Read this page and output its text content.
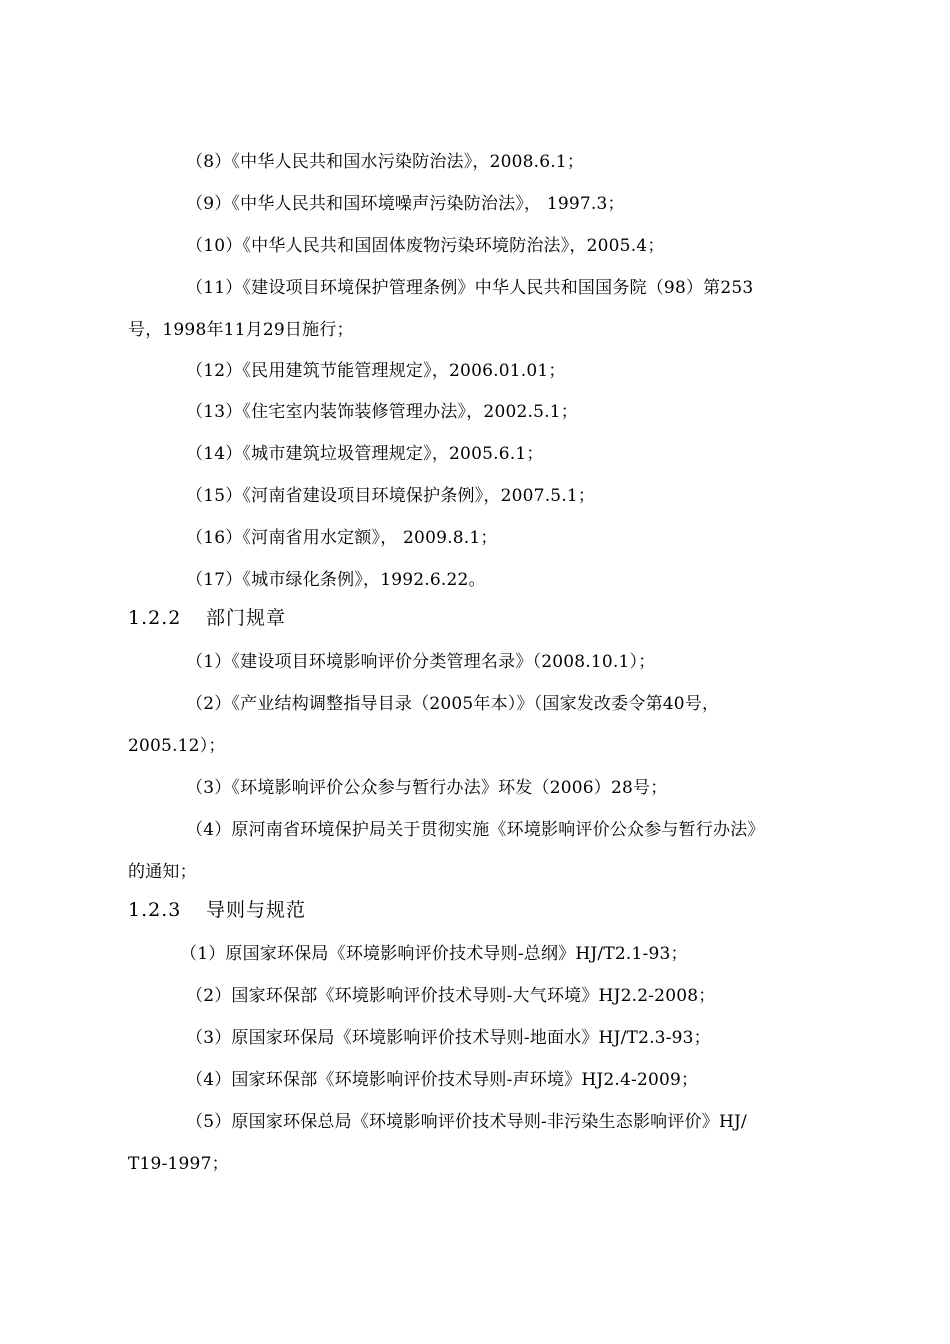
（8）《中华人民共和国水污染防治法》，2008.6.1；
（9）《中华人民共和国环境噪声污染防治法》， 1997.3；
（10）《中华人民共和国固体废物污染环境防治法》，2005.4；
（11）《建设项目环境保护管理条例》中华人民共和国国务院（98）第253
号，1998年11月29日施行；
（12）《民用建筑节能管理规定》，2006.01.01；
（13）《住宅室内装饰装修管理办法》，2002.5.1；
（14）《城市建筑垃圾管理规定》，2005.6.1；
（15）《河南省建设项目环境保护条例》，2007.5.1；
（16）《河南省用水定额》， 2009.8.1；
（17）《城市绿化条例》，1992.6.22。
1.2.2 部门规章
（1）《建设项目环境影响评价分类管理名录》（2008.10.1）；
（2）《产业结构调整指导目录（2005年本）》（国家发改委令第40号，
2005.12）；
（3）《环境影响评价公众参与暂行办法》环发（2006）28号；
（4）原河南省环境保护局关于贯彻实施《环境影响评价公众参与暂行办法》
的通知；
1.2.3 导则与规范
（1）原国家环保局《环境影响评价技术导则-总纲》HJ/T2.1-93；
（2）国家环保部《环境影响评价技术导则-大气环境》HJ2.2-2008；
（3）原国家环保局《环境影响评价技术导则-地面水》HJ/T2.3-93；
（4）国家环保部《环境影响评价技术导则-声环境》HJ2.4-2009；
（5）原国家环保总局《环境影响评价技术导则-非污染生态影响评价》HJ/
T19-1997；
